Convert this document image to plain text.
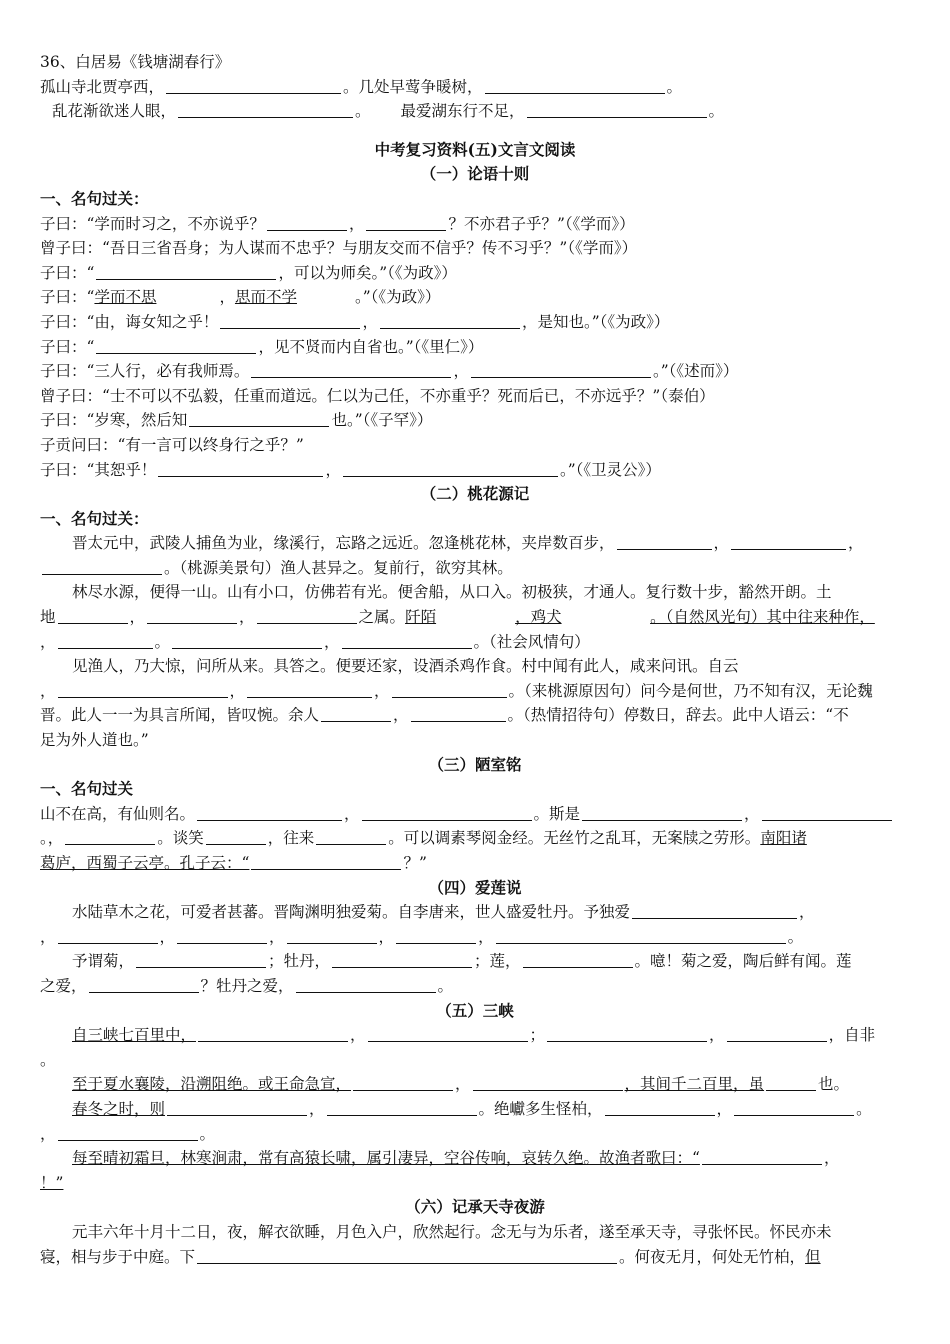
36、白居易《钱塘湖春行》
孤山寺北贾亭西，	。几处早莺争暖树，	。
乱花渐欲迷人眼，	。 最爱湖东行不足，	。
中考复习资料(五)文言文阅读
（一）论语十则
一、名句过关：
子曰：“学而时习之，不亦说乎？	，	？不亦君子乎？”（《学而》）
曾子曰：“吾日三省吾身；为人谋而不忠乎？与朋友交而不信乎？传不习乎？”（《学而》）
子曰：“	，可以为师矣。”（《为政》）
子曰：“学而不思	，思而不学	。”（《为政》）
子曰：“由，诲女知之乎！	，	，是知也。”（《为政》）
子曰：“	，见不贤而内自省也。”（《里仁》）
子曰：“三人行，必有我师焉。	，	。”（《述而》）
曾子曰：“士不可以不弘毅，任重而道远。仁以为己任，不亦重乎？死而后已，不亦远乎？”（泰伯）
子曰：“岁寒，然后知	也。”（《子罕》）
子贡问曰：“有一言可以终身行之乎？”
子曰：“其恕乎！	，	。”（《卫灵公》）
（二）桃花源记
一、名句过关：
晋太元中，武陵人捕鱼为业，缘溪行，忘路之远近。忽逢桃花林，夹岸数百步，	，	，
。（桃源美景句）渔人甚异之。复前行，欲穷其林。
林尽水源，便得一山。山有小口，仿佛若有光。便舍船，从口入。初极狭，才通人。复行数十步，豁然开朗。土
地	，	，	之属。阡陌	，鸡犬	。（自然风光句）其中往来种作，
，	。	，	。（社会风情句）
见渔人，乃大惊，问所从来。具答之。便要还家，设酒杀鸡作食。村中闻有此人，咸来问讯。自云
，	，	，	。（来桃源原因句）问今是何世，乃不知有汉，无论魏
晋。此人一一为具言所闻，皆叹惋。余人	，	。（热情招待句）停数日，辞去。此中人语云：“不
足为外人道也。”
（三）陋室铭
一、名句过关
山不在高，有仙则名。	，	。斯是	，
。，	。谈笑	，往来	。可以调素琴阅金经。无丝竹之乱耳，无案牍之劳形。南阳诸
葛庐，西蜀子云亭。孔子云：“	？”
（四）爱莲说
水陆草木之花，可爱者甚蕃。晋陶渊明独爱菊。自李唐来，世人盛爱牡丹。予独爱	，
，	，	，	，	，	。
予谓菊，	；牡丹，	；莲，	。噫！菊之爱，陶后鲜有闻。莲
之爱，	？牡丹之爱，	。
（五）三峡
自三峡七百里中，	，	；	，	，自非
。
至于夏水襄陵，沿溯阻绝。或王命急宣，	，	，其间千二百里，虽	也。
春冬之时，则	，	。绝巘多生怪柏，	，	。
，	。
每至晴初霜旦，林寒涧肃，常有高猿长啸，属引凄异，空谷传响，哀转久绝。故渔者歌曰：“	，
！”
（六）记承天寺夜游
元丰六年十月十二日，夜，解衣欲睡，月色入户，欣然起行。念无与为乐者，遂至承天寺，寻张怀民。怀民亦未
寝，相与步于中庭。下	。何夜无月，何处无竹柏，但
